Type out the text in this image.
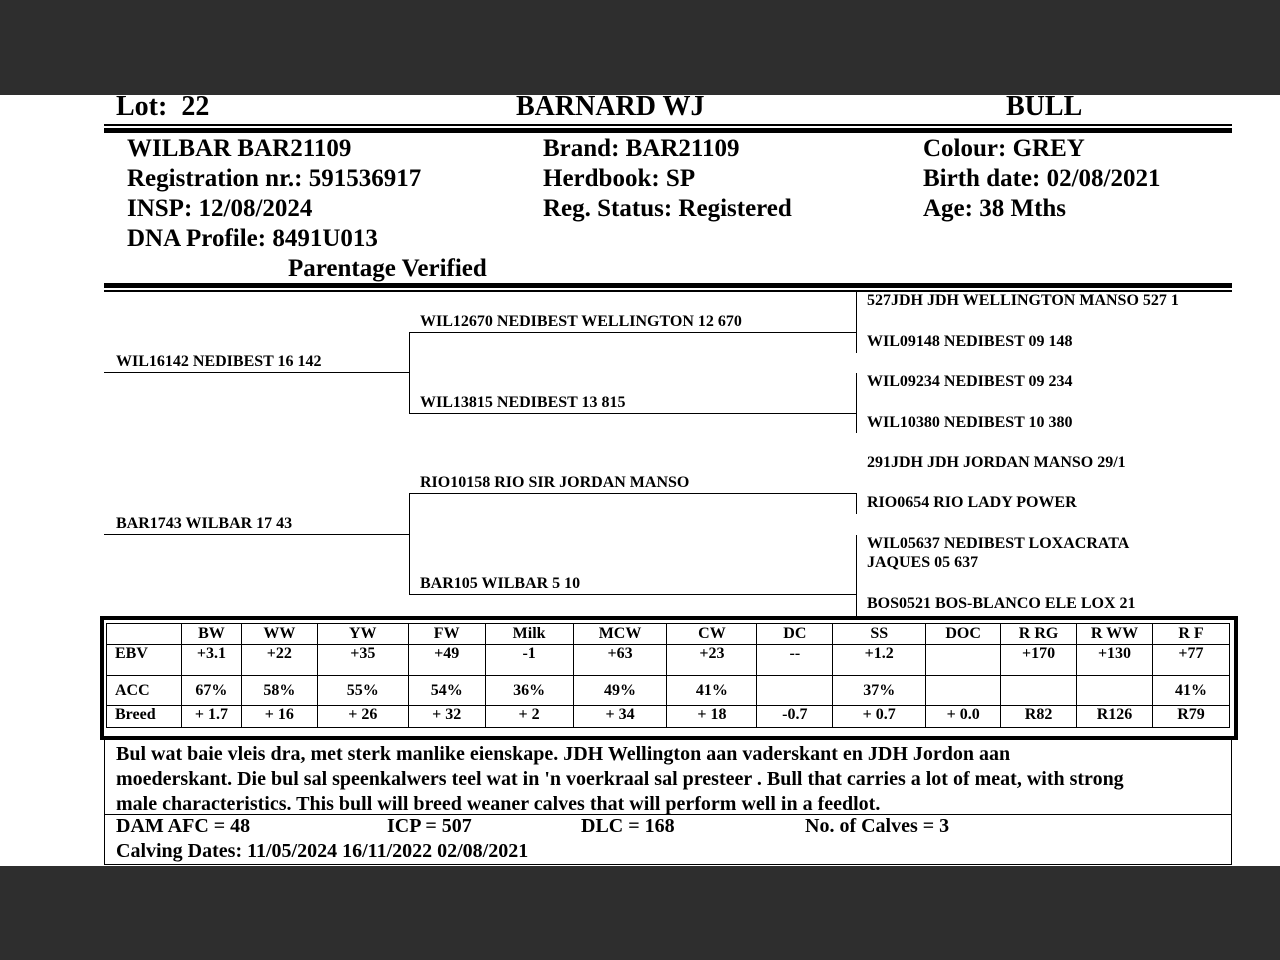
Lot: 22	BARNARD WJ	BULL
WILBAR BAR21109
Registration nr.: 591536917
INSP: 12/08/2024
DNA Profile: 8491U013
Parentage Verified
Brand: BAR21109
Herdbook: SP
Reg. Status: Registered
Colour: GREY
Birth date: 02/08/2021
Age: 38 Mths
WIL16142 NEDIBEST 16 142
BAR1743 WILBAR 17 43
WIL12670 NEDIBEST WELLINGTON 12 670
WIL13815 NEDIBEST 13 815
RIO10158 RIO SIR JORDAN MANSO
BAR105 WILBAR 5 10
527JDH JDH WELLINGTON MANSO 527 1
WIL09148 NEDIBEST 09 148
WIL09234 NEDIBEST 09 234
WIL10380 NEDIBEST 10 380
291JDH JDH JORDAN MANSO 29/1
RIO0654 RIO LADY POWER
WIL05637 NEDIBEST LOXACRATA
JAQUES 05 637
BOS0521 BOS-BLANCO ELE LOX 21
	BW	WW	YW	FW	Milk	MCW	CW	DC	SS	DOC	R RG	R WW	R F
EBV	+3.1	+22	+35	+49	-1	+63	+23	--	+1.2		+170	+130	+77
ACC	67%	58%	55%	54%	36%	49%	41%		37%				41%
Breed	+ 1.7	+ 16	+ 26	+ 32	+ 2	+ 34	+ 18	-0.7	+ 0.7	+ 0.0	R82	R126	R79
Bul wat baie vleis dra, met sterk manlike eienskape. JDH Wellington aan vaderskant en JDH Jordon aan
moederskant. Die bul sal speenkalwers teel wat in 'n voerkraal sal presteer . Bull that carries a lot of meat, with strong
male characteristics. This bull will breed weaner calves that will perform well in a feedlot.
DAM AFC = 48	ICP = 507	DLC = 168	No. of Calves = 3
Calving Dates: 11/05/2024 16/11/2022 02/08/2021
